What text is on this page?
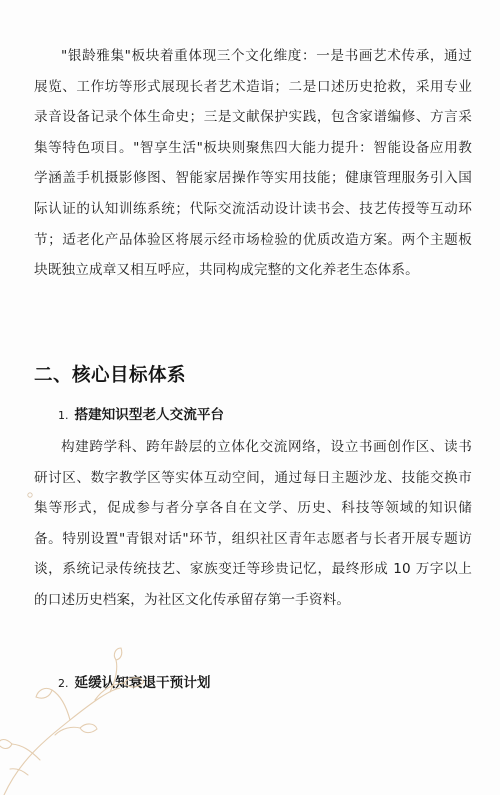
"银龄雅集"板块着重体现三个文化维度：一是书画艺术传承，通过展览、工作坊等形式展现长者艺术造诣；二是口述历史抢救，采用专业录音设备记录个体生命史；三是文献保护实践，包含家谱编修、方言采集等特色项目。"智享生活"板块则聚焦四大能力提升：智能设备应用教学涵盖手机摄影修图、智能家居操作等实用技能；健康管理服务引入国际认证的认知训练系统；代际交流活动设计读书会、技艺传授等互动环节；适老化产品体验区将展示经市场检验的优质改造方案。两个主题板块既独立成章又相互呼应，共同构成完整的文化养老生态体系。

二、核心目标体系

1. 搭建知识型老人交流平台

构建跨学科、跨年龄层的立体化交流网络，设立书画创作区、读书研讨区、数字教学区等实体互动空间，通过每日主题沙龙、技能交换市集等形式，促成参与者分享各自在文学、历史、科技等领域的知识储备。特别设置"青银对话"环节，组织社区青年志愿者与长者开展专题访谈，系统记录传统技艺、家族变迁等珍贵记忆，最终形成 10 万字以上的口述历史档案，为社区文化传承留存第一手资料。

2. 延缓认知衰退干预计划
